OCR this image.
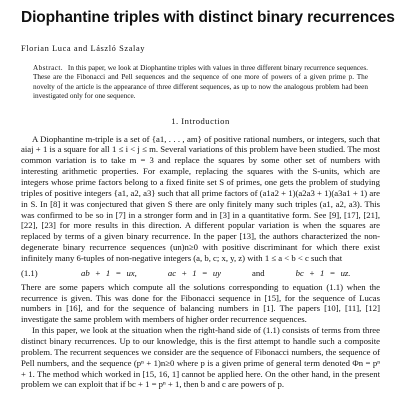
Diophantine triples with distinct binary recurrences
Florian Luca and László Szalay
Abstract. In this paper, we look at Diophantine triples with values in three different binary recurrence sequences. These are the Fibonacci and Pell sequences and the sequence of one more of powers of a given prime p. The novelty of the article is the appearance of three different sequences, as up to now the analogous problem had been investigated only for one sequence.
1. Introduction

A Diophantine m-triple is a set of {a1, . . . , am} of positive rational numbers, or integers, such that aiaj + 1 is a square for all 1 ≤ i < j ≤ m. Several variations of this problem have been studied. The most common variation is to take m = 3 and replace the squares by some other set of numbers with interesting arithmetic properties. For example, replacing the squares with the S-units, which are integers whose prime factors belong to a fixed finite set S of primes, one gets the problem of studying triples of positive integers {a1, a2, a3} such that all prime factors of (a1a2 + 1)(a2a3 + 1)(a3a1 + 1) are in S. In [8] it was conjectured that given S there are only finitely many such triples (a1, a2, a3). This was confirmed to be so in [7] in a stronger form and in [3] in a quantitative form. See [9], [17], [21], [22], [23] for more results in this direction. A different popular variation is when the squares are replaced by terms of a given binary recurrence. In the paper [13], the authors characterized the non-degenerate binary recurrence sequences (un)n≥0 with positive discriminant for which there exist infinitely many 6-tuples of non-negative integers (a, b, c; x, y, z) with 1 ≤ a < b < c such that

(1.1)	ab + 1 = ux,	ac + 1 = uy	and	bc + 1 = uz.

There are some papers which compute all the solutions corresponding to equation (1.1) when the recurrence is given. This was done for the Fibonacci sequence in [15], for the sequence of Lucas numbers in [16], and for the sequence of balancing numbers in [1]. The papers [10], [11], [12] investigate the same problem with members of higher order recurrence sequences.

In this paper, we look at the situation when the right-hand side of (1.1) consists of terms from three distinct binary recurrences. Up to our knowledge, this is the first attempt to handle such a composite problem. The recurrent sequences we consider are the sequence of Fibonacci numbers, the sequence of Pell numbers, and the sequence (pⁿ + 1)n≥0 where p is a given prime of general term denoted Φn = pⁿ + 1. The method which worked in [15, 16, 1] cannot be applied here. On the other hand, in the present problem we can exploit that if bc + 1 = pⁿ + 1, then b and c are powers of p.
